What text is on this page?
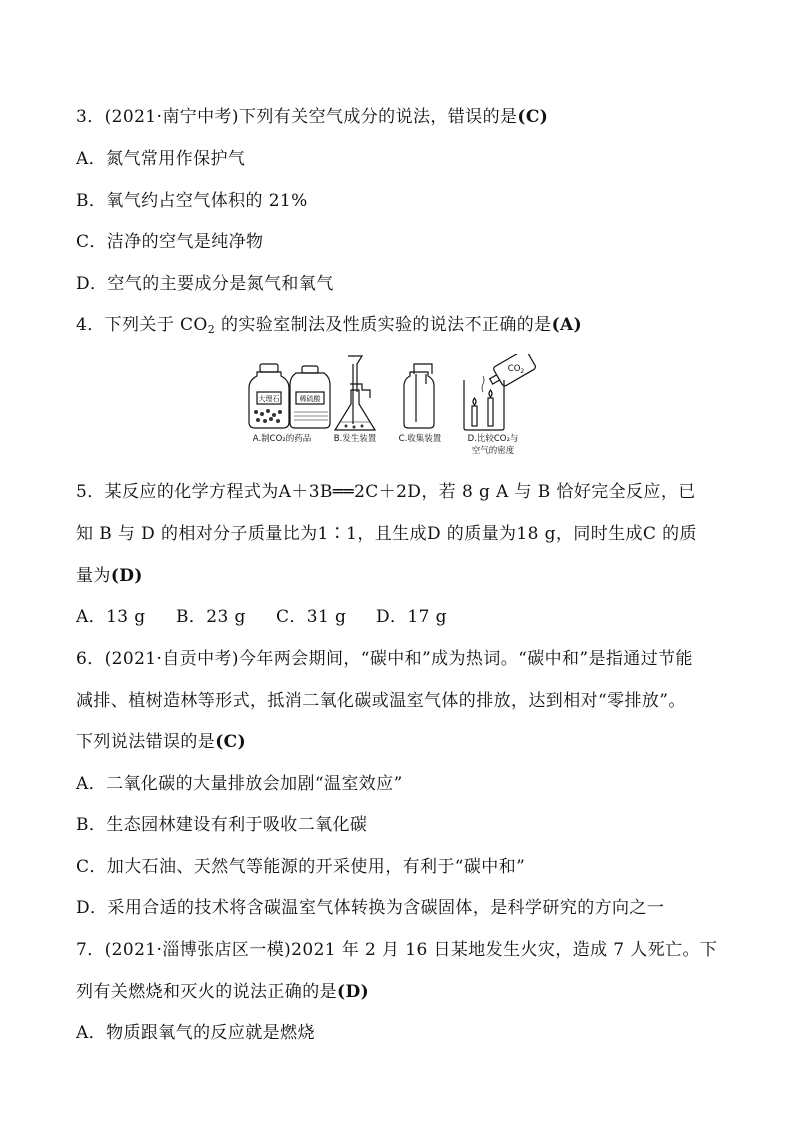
3．(2021·南宁中考)下列有关空气成分的说法，错误的是(C)
A．氮气常用作保护气
B．氧气约占空气体积的 21%
C．洁净的空气是纯净物
D．空气的主要成分是氮气和氧气
4．下列关于 $CO_2$ 的实验室制法及性质实验的说法不正确的是(A)
大理石	稀硫酸
$CO_2$
A.制CO₂的药品	B.发生装置	C.收集装置	D.比较CO₂与
空气的密度
5．某反应的化学方程式为A＋3B══2C＋2D，若 8 g A 与 B 恰好完全反应，已
知 B 与 D 的相对分子质量比为1∶1，且生成D 的质量为18 g，同时生成C 的质
量为(D)
A．13 g B．23 g C．31 g D．17 g
6．(2021·自贡中考)今年两会期间，“碳中和”成为热词。“碳中和”是指通过节能
减排、植树造林等形式，抵消二氧化碳或温室气体的排放，达到相对“零排放”。
下列说法错误的是(C)
A．二氧化碳的大量排放会加剧“温室效应”
B．生态园林建设有利于吸收二氧化碳
C．加大石油、天然气等能源的开采使用，有利于“碳中和”
D．采用合适的技术将含碳温室气体转换为含碳固体，是科学研究的方向之一
7．(2021·淄博张店区一模)2021 年 2 月 16 日某地发生火灾，造成 7 人死亡。下
列有关燃烧和灭火的说法正确的是(D)
A．物质跟氧气的反应就是燃烧
